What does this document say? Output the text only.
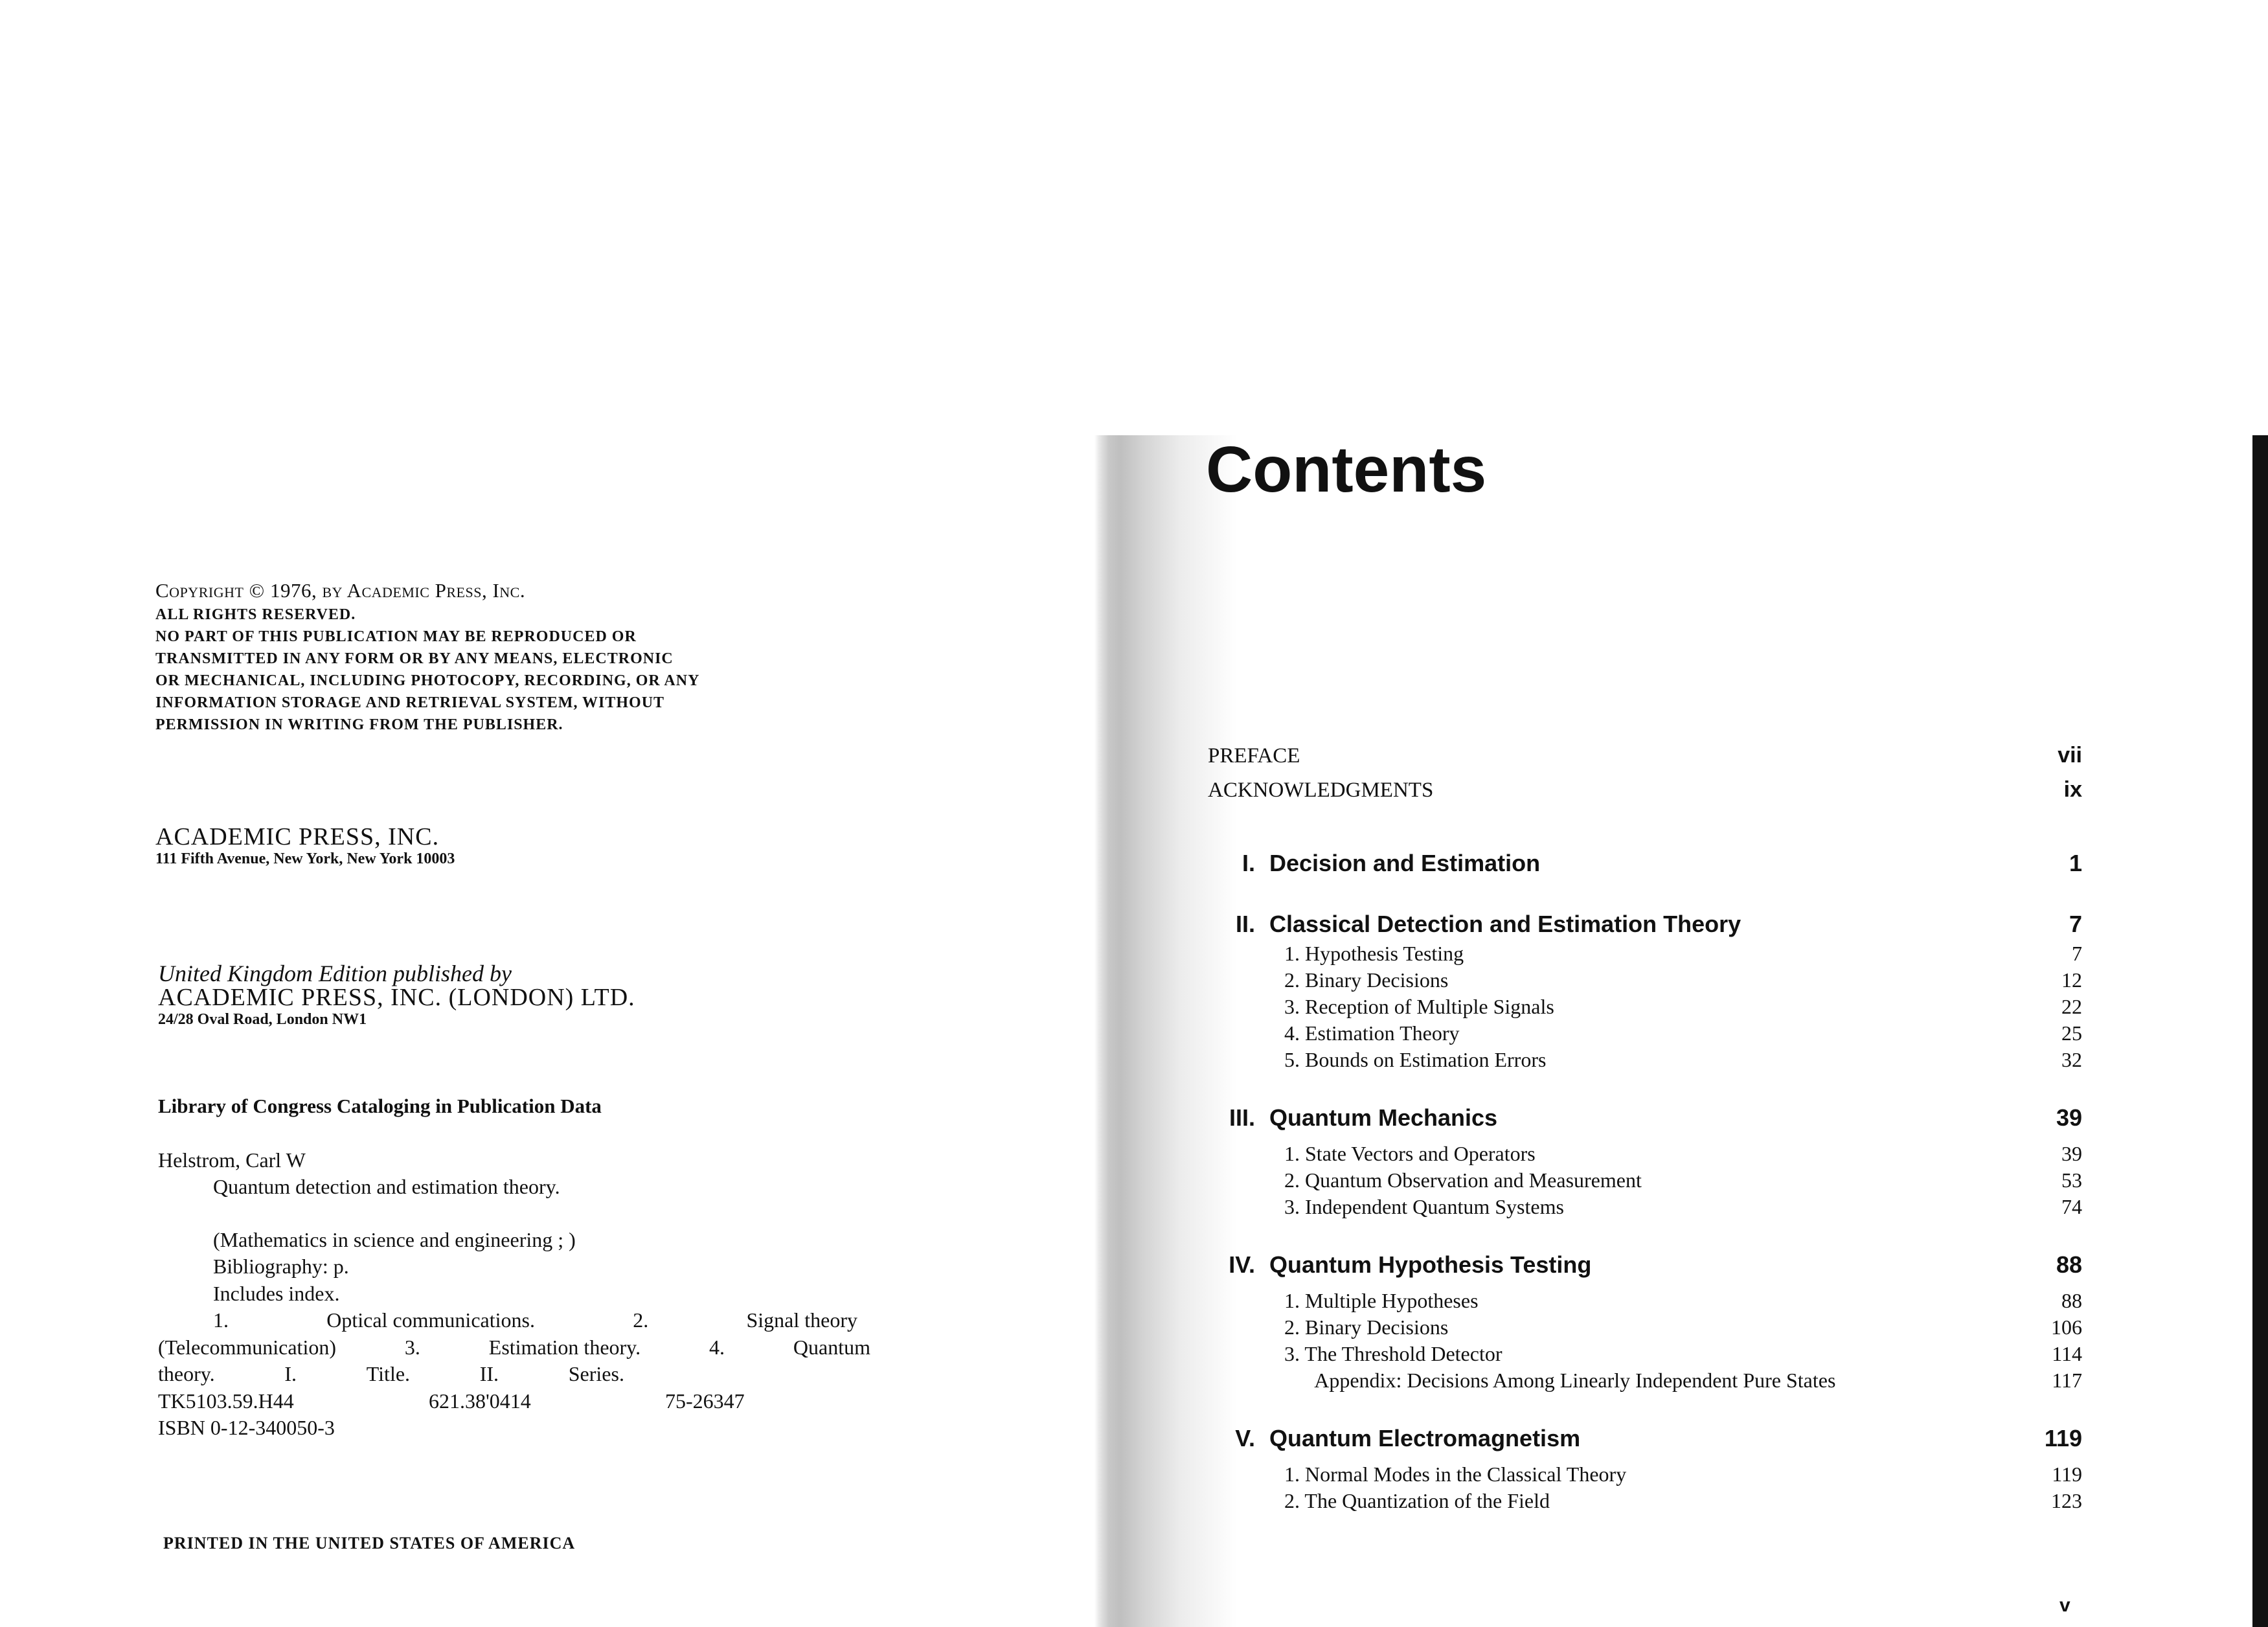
Copyright © 1976, by Academic Press, Inc.
ALL RIGHTS RESERVED.
NO PART OF THIS PUBLICATION MAY BE REPRODUCED OR
TRANSMITTED IN ANY FORM OR BY ANY MEANS, ELECTRONIC
OR MECHANICAL, INCLUDING PHOTOCOPY, RECORDING, OR ANY
INFORMATION STORAGE AND RETRIEVAL SYSTEM, WITHOUT
PERMISSION IN WRITING FROM THE PUBLISHER.
ACADEMIC PRESS, INC.
111 Fifth Avenue, New York, New York 10003
United Kingdom Edition published by
ACADEMIC PRESS, INC. (LONDON) LTD.
24/28 Oval Road, London NW1
Library of Congress Cataloging in Publication Data
Helstrom, Carl W
Quantum detection and estimation theory.
(Mathematics in science and engineering ; )
Bibliography: p.
Includes index.
1.	Optical communications.	2.	Signal theory
(Telecommunication)	3.	Estimation theory.	4.	Quantum
theory.	I.	Title.	II.	Series.
TK5103.59.H44	621.38'0414	75-26347
ISBN 0-12-340050-3
PRINTED IN THE UNITED STATES OF AMERICA
Contents
PREFACE	vii
ACKNOWLEDGMENTS	ix
I. Decision and Estimation	1
II. Classical Detection and Estimation Theory	7
1. Hypothesis Testing	7
2. Binary Decisions	12
3. Reception of Multiple Signals	22
4. Estimation Theory	25
5. Bounds on Estimation Errors	32
III. Quantum Mechanics	39
1. State Vectors and Operators	39
2. Quantum Observation and Measurement	53
3. Independent Quantum Systems	74
IV. Quantum Hypothesis Testing	88
1. Multiple Hypotheses	88
2. Binary Decisions	106
3. The Threshold Detector	114
Appendix: Decisions Among Linearly Independent Pure States	117
V. Quantum Electromagnetism	119
1. Normal Modes in the Classical Theory	119
2. The Quantization of the Field	123
v
